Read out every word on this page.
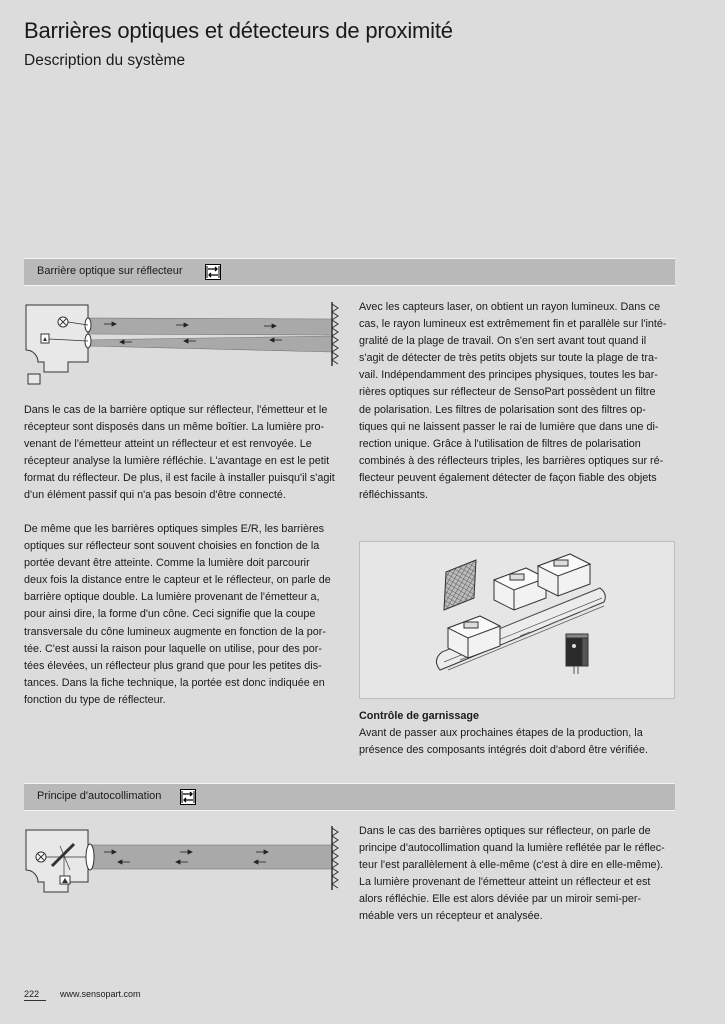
Barrières optiques et détecteurs de proximité
Description du système
Barrière optique sur réflecteur
Dans le cas de la barrière optique sur réflecteur, l'émetteur et le
récepteur sont disposés dans un même boîtier. La lumière pro-
venant de l'émetteur atteint un réflecteur et est renvoyée. Le
récepteur analyse la lumière réfléchie. L'avantage en est le petit
format du réflecteur. De plus, il est facile à installer puisqu'il s'agit
d'un élément passif qui n'a pas besoin d'être connecté.
De même que les barrières optiques simples E/R, les barrières
optiques sur réflecteur sont souvent choisies en fonction de la
portée devant être atteinte. Comme la lumière doit parcourir
deux fois la distance entre le capteur et le réflecteur, on parle de
barrière optique double. La lumière provenant de l'émetteur a,
pour ainsi dire, la forme d'un cône. Ceci signifie que la coupe
transversale du cône lumineux augmente en fonction de la por-
tée. C'est aussi la raison pour laquelle on utilise, pour des por-
tées élevées, un réflecteur plus grand que pour les petites dis-
tances. Dans la fiche technique, la portée est donc indiquée en
fonction du type de réflecteur.
Avec les capteurs laser, on obtient un rayon lumineux. Dans ce
cas, le rayon lumineux est extrêmement fin et parallèle sur l'inté-
gralité de la plage de travail. On s'en sert avant tout quand il
s'agit de détecter de très petits objets sur toute la plage de tra-
vail. Indépendamment des principes physiques, toutes les bar-
rières optiques sur réflecteur de SensoPart possèdent un filtre
de polarisation. Les filtres de polarisation sont des filtres op-
tiques qui ne laissent passer le rai de lumière que dans une di-
rection unique. Grâce à l'utilisation de filtres de polarisation
combinés à des réflecteurs triples, les barrières optiques sur ré-
flecteur peuvent également détecter de façon fiable des objets
réfléchissants.
Contrôle de garnissage
Avant de passer aux prochaines étapes de la production, la
présence des composants intégrés doit d'abord être vérifiée.
Principe d'autocollimation
Dans le cas des barrières optiques sur réflecteur, on parle de
principe d'autocollimation quand la lumière reflétée par le réflec-
teur l'est parallèlement à elle-même (c'est à dire en elle-même).
La lumière provenant de l'émetteur atteint un réflecteur et est
alors réfléchie. Elle est alors déviée par un miroir semi-per-
méable vers un récepteur et analysée.
222 www.sensopart.com
